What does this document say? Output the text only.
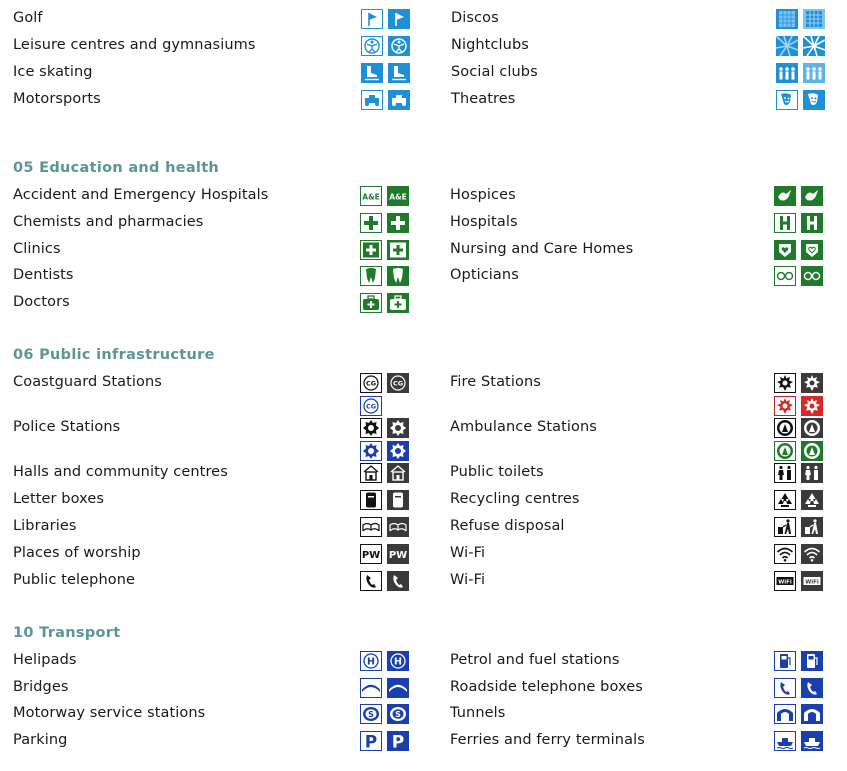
Golf
Leisure centres and gymnasiums
Ice skating
Motorsports
Discos
Nightclubs
Social clubs
Theatres
05 Education and health
Accident and Emergency Hospitals
Chemists and pharmacies
Clinics
Dentists
Doctors
Hospices
Hospitals
Nursing and Care Homes
Opticians
A&E A&E
06 Public infrastructure
Coastguard Stations
Police Stations
Halls and community centres
Letter boxes
Libraries
Places of worship
Public telephone
Fire Stations
Ambulance Stations
Public toilets
Recycling centres
Refuse disposal
Wi-Fi
Wi-Fi
CG	CG
CG
PW PW
WiFi WiFi
10 Transport
Helipads
Bridges
Motorway service stations
Parking
Petrol and fuel stations
Roadside telephone boxes
Tunnels
Ferries and ferry terminals
H H
S	S
P P
